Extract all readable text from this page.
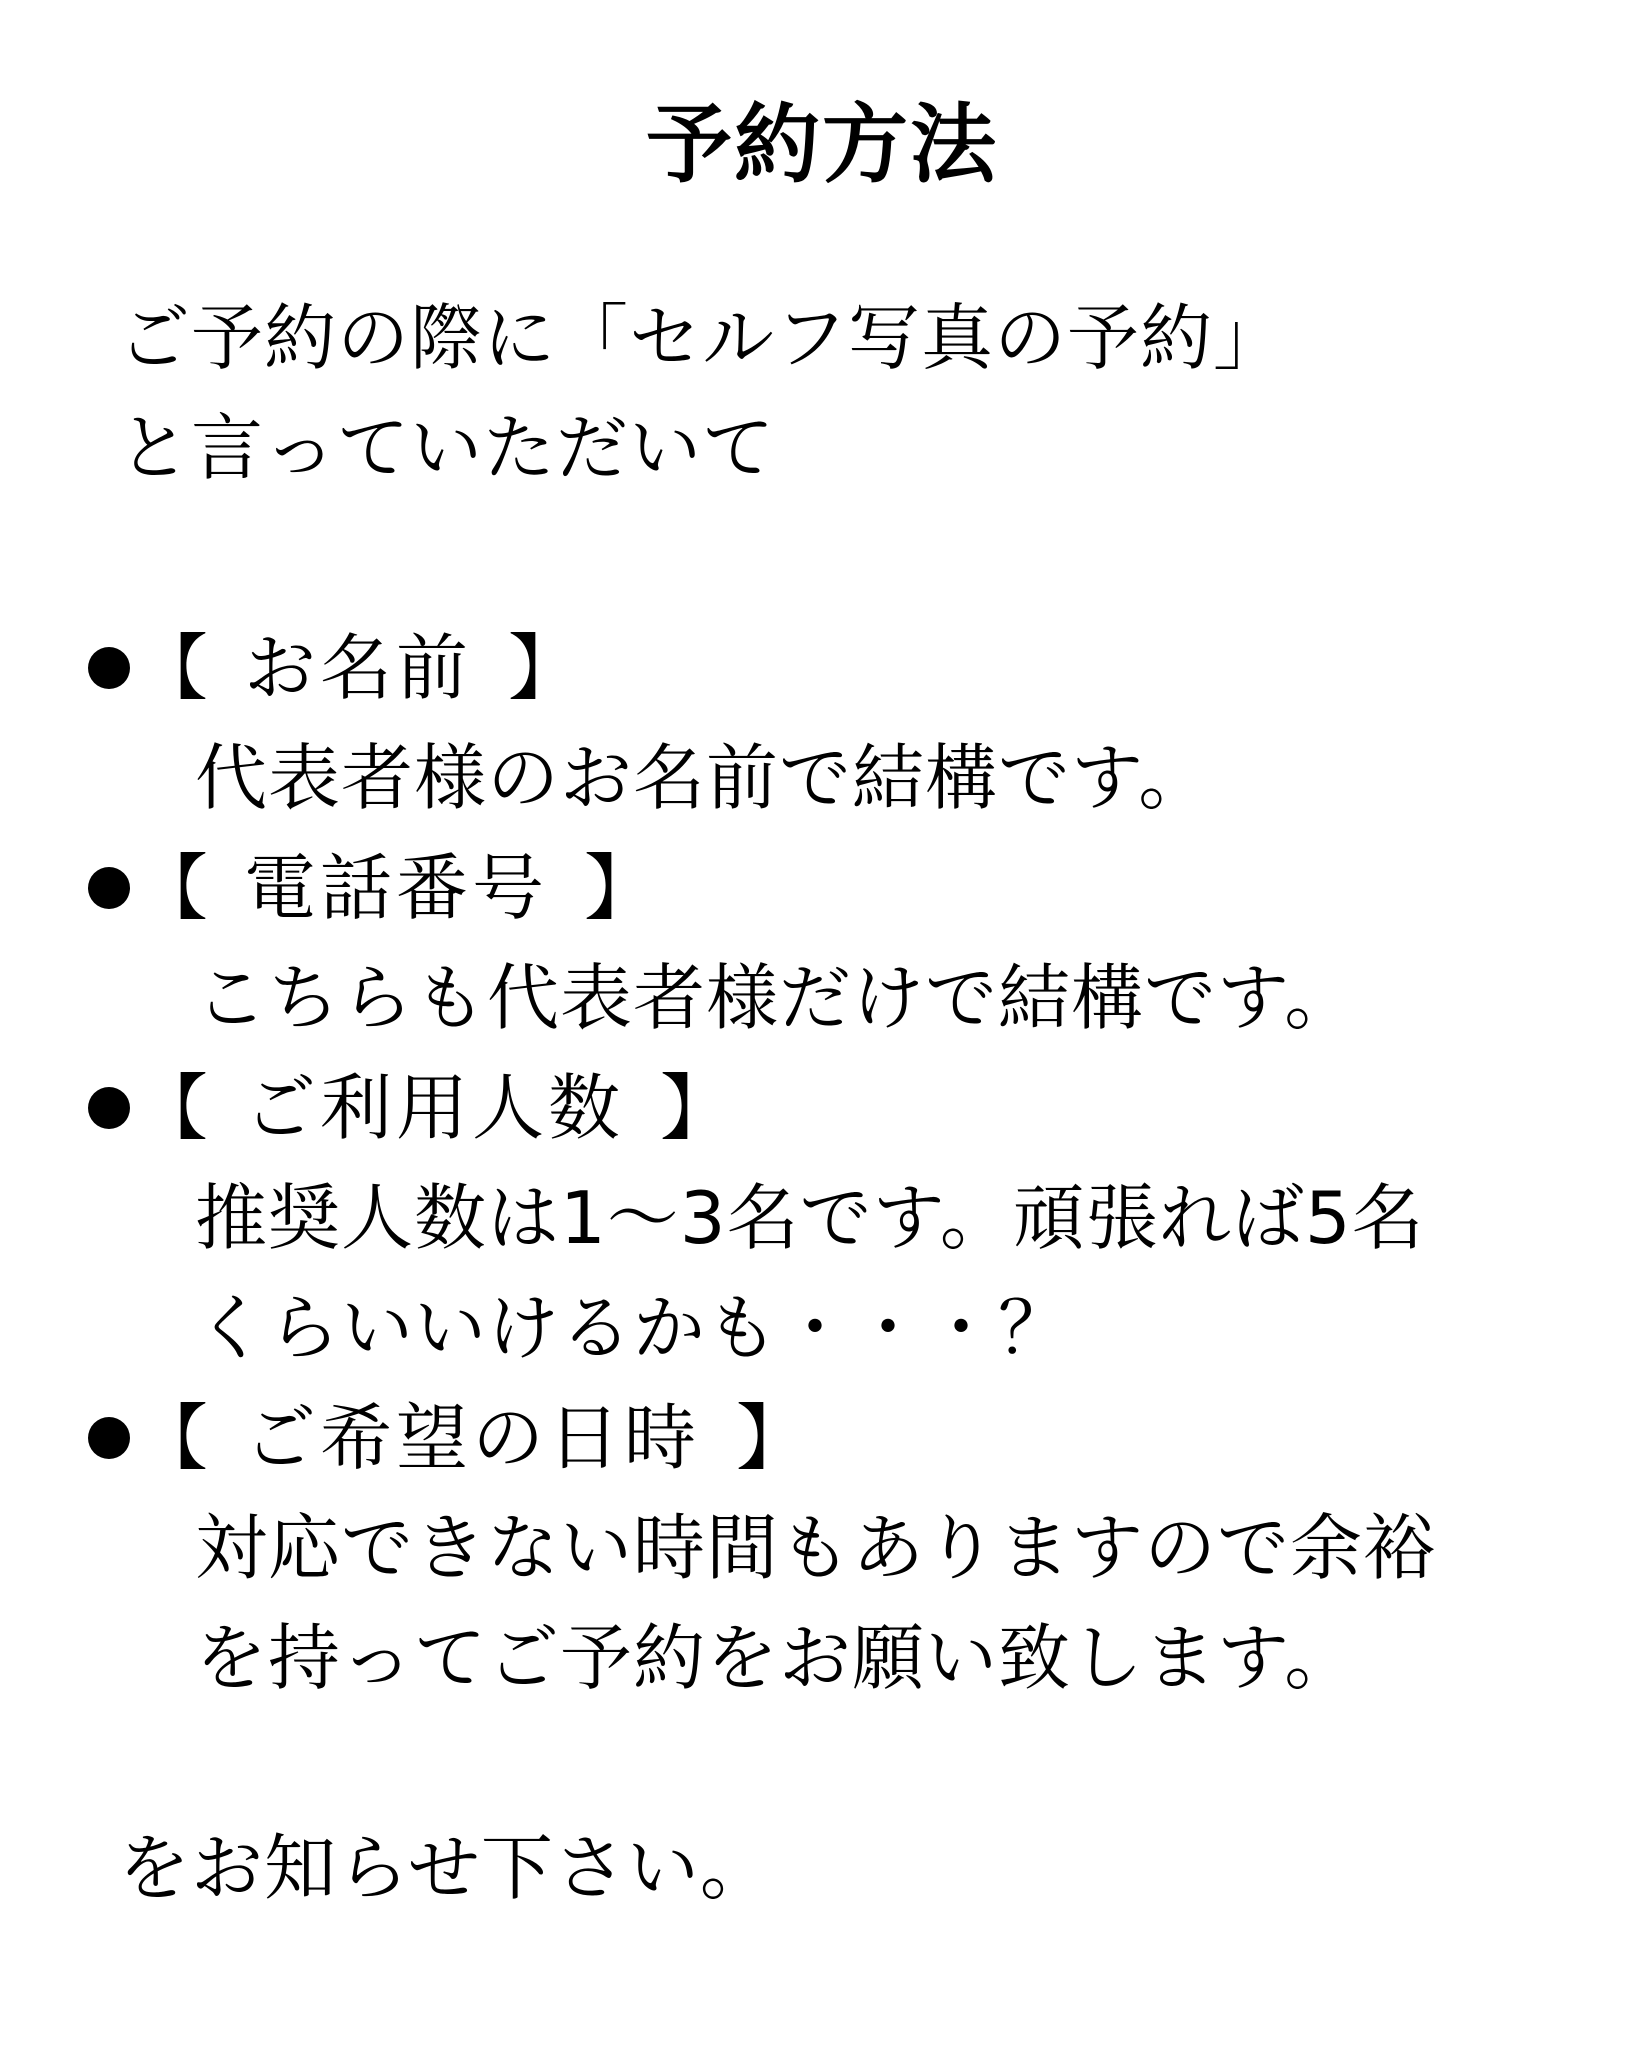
予約方法
ご予約の際に「セルフ写真の予約」
と言っていただいて
【 お名前 】
代表者様のお名前で結構です。
【 電話番号 】
こちらも代表者様だけで結構です。
【 ご利用人数 】
推奨人数は1～3名です。頑張れば5名
くらいいけるかも・・・？
【 ご希望の日時 】
対応できない時間もありますので余裕
を持ってご予約をお願い致します。
をお知らせ下さい。
